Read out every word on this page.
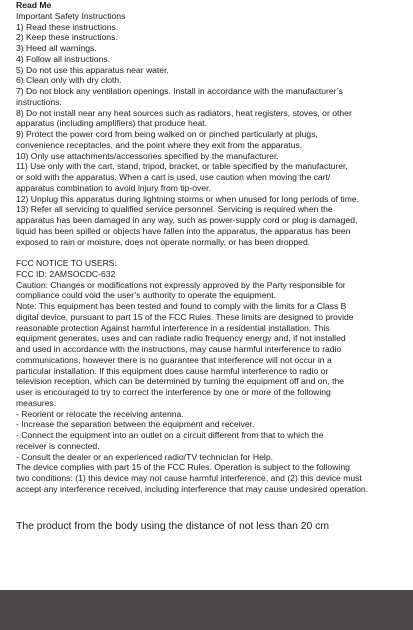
Read Me
Important Safety Instructions
1) Read these instructions.
2) Keep these instructions.
3) Heed all warnings.
4) Follow all instructions.
5) Do not use this apparatus near water.
6) Clean only with dry cloth.
7) Do not block any ventilation openings. Install in accordance with the manufacturer’s
instructions.
8) Do not install near any heat sources such as radiators, heat registers, stoves, or other
apparatus (including amplifiers) that produce heat.
9) Protect the power cord from being walked on or pinched particularly at plugs,
convenience receptacles, and the point where they exit from the apparatus.
10) Only use attachments/accessories specified by the manufacturer.
11) Use only with the cart, stand, tripod, bracket, or table specified by the manufacturer,
or sold with the apparatus. When a cart is used, use caution when moving the cart/
apparatus combination to avoid injury from tip-over.
12) Unplug this apparatus during lightning storms or when unused for long periods of time.
13) Refer all servicing to qualified service personnel. Servicing is required when the
apparatus has been damaged in any way, such as power-supply cord or plug is damaged,
liquid has been spilled or objects have fallen into the apparatus, the apparatus has been
exposed to rain or moisture, does not operate normally, or has been dropped.
FCC NOTICE TO USERS:
FCC ID: 2AMSOCDC-632
Caution: Changes or modifications not expressly approved by the Party responsible for
compliance could void the user’s authority to operate the equipment.
Note: This equipment has been tested and found to comply with the limits for a Class B
digital device, pursuant to part 15 of the FCC Rules. These limits are designed to provide
reasonable protection Against harmful interference in a residential installation. This
equipment generates, uses and can radiate radio frequency energy and, if not installed
and used in accordance with the instructions, may cause harmful interference to radio
communications, however there is no guarantee that interference will not occur in a
particular installation. If this equipment does cause harmful interference to radio or
television reception, which can be determined by turning the equipment off and on, the
user is encouraged to try to correct the interference by one or more of the following
measures:
- Reorient or relocate the receiving antenna.
- Increase the separation between the equipment and receiver.
- Connect the equipment into an outlet on a circuit different from that to which the
receiver is connected.
- Consult the dealer or an experienced radio/TV technician for Help.
The device complies with part 15 of the FCC Rules. Operation is subject to the following
two conditions: (1) this device may not cause harmful interference, and (2) this device must
accept any interference received, including interference that may cause undesired operation.
The product from the body using the distance of not less than 20 cm
